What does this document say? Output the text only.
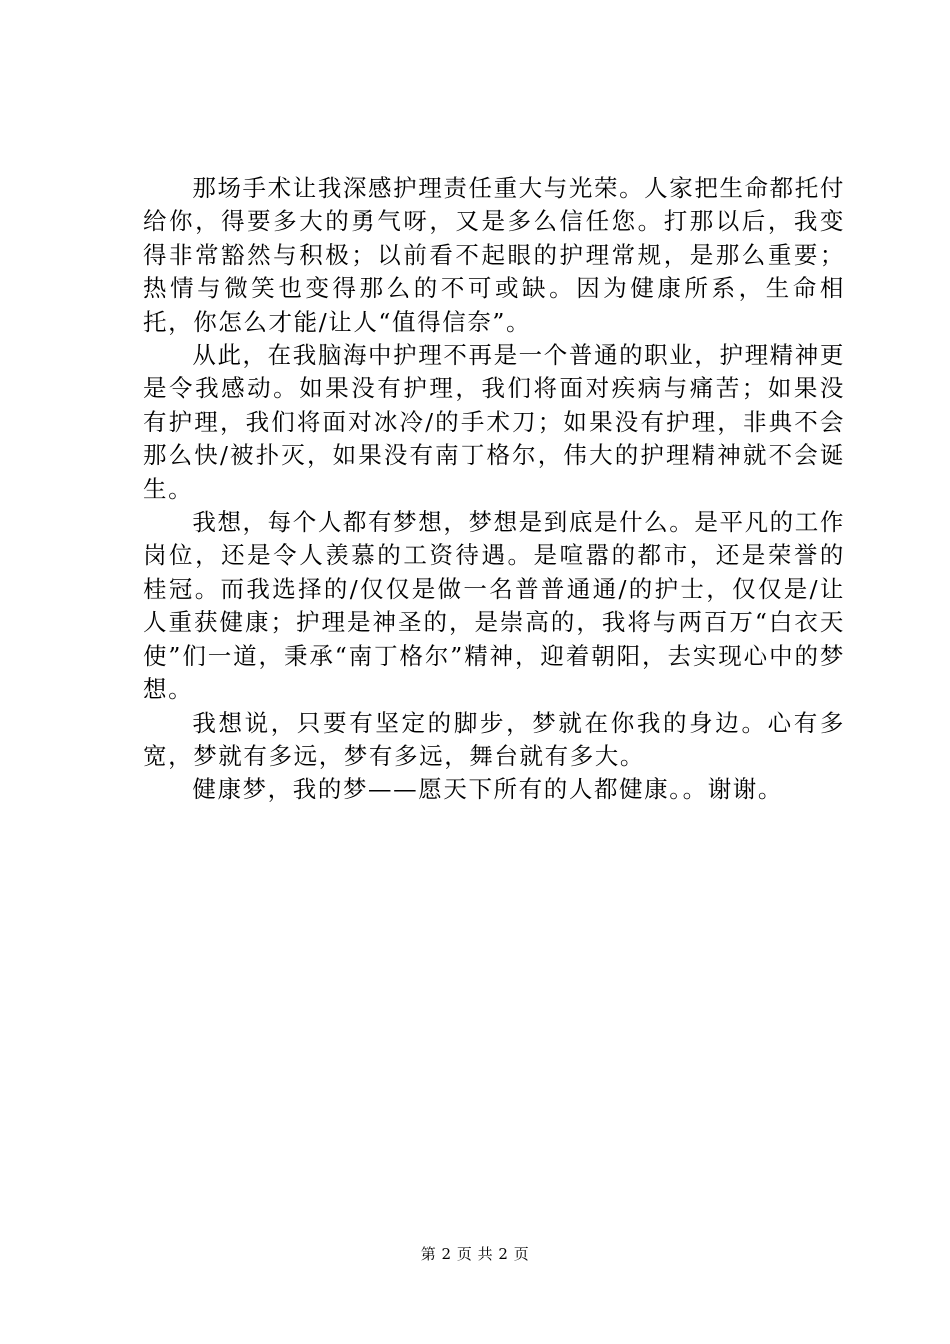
那场手术让我深感护理责任重大与光荣。人家把生命都托付给你，得要多大的勇气呀，又是多么信任您。打那以后，我变得非常豁然与积极；以前看不起眼的护理常规，是那么重要；热情与微笑也变得那么的不可或缺。因为健康所系，生命相托，你怎么才能/让人“值得信奈”。

从此，在我脑海中护理不再是一个普通的职业，护理精神更是令我感动。如果没有护理，我们将面对疾病与痛苦；如果没有护理，我们将面对冰冷/的手术刀；如果没有护理，非典不会那么快/被扑灭，如果没有南丁格尔，伟大的护理精神就不会诞生。

我想，每个人都有梦想，梦想是到底是什么。是平凡的工作岗位，还是令人羡慕的工资待遇。是喧嚣的都市，还是荣誉的桂冠。而我选择的/仅仅是做一名普普通通/的护士，仅仅是/让人重获健康；护理是神圣的，是崇高的，我将与两百万“白衣天使”们一道，秉承“南丁格尔”精神，迎着朝阳，去实现心中的梦想。

我想说，只要有坚定的脚步，梦就在你我的身边。心有多宽，梦就有多远，梦有多远，舞台就有多大。

健康梦，我的梦——愿天下所有的人都健康。。谢谢。

第 2 页 共 2 页
